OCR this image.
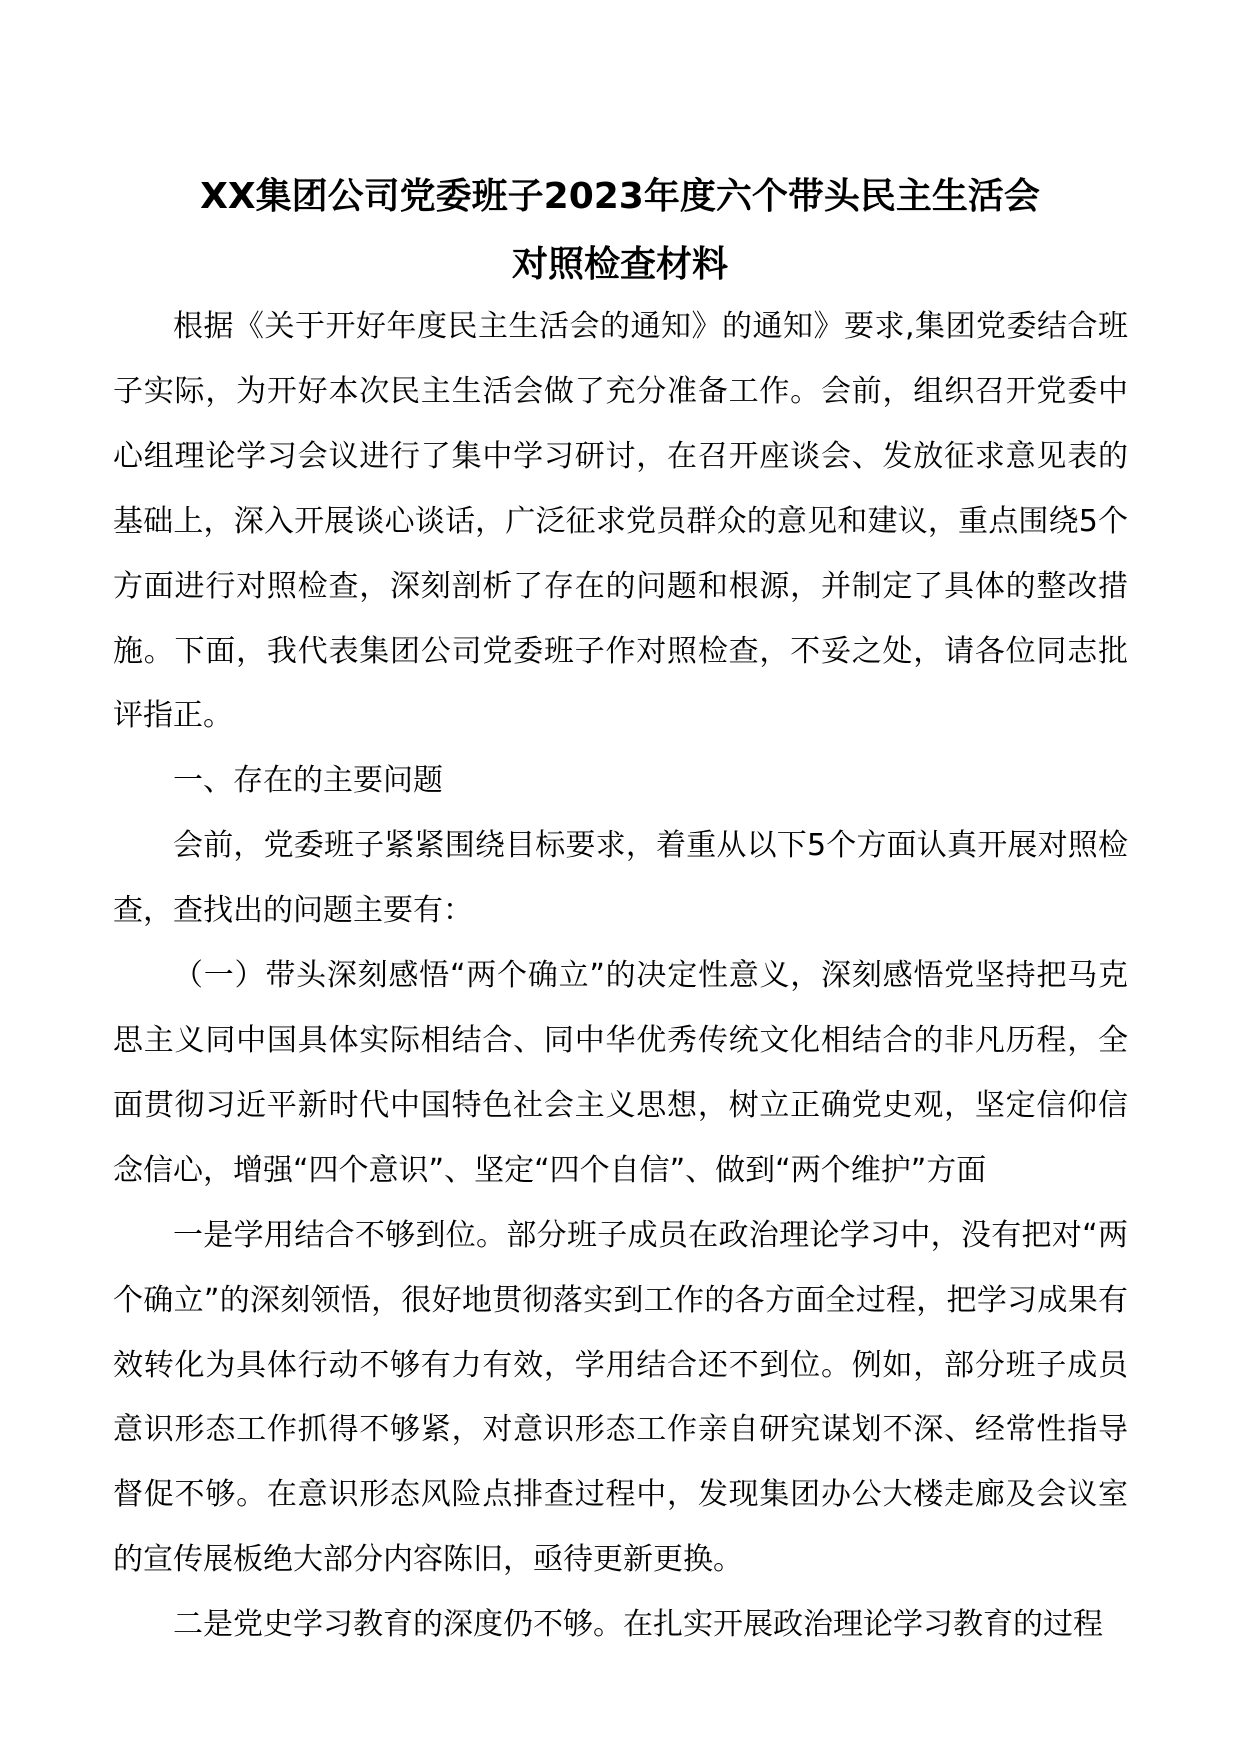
XX集团公司党委班子2023年度六个带头民主生活会
对照检查材料

根据《关于开好年度民主生活会的通知》的通知》要求,集团党委结合班子实际，为开好本次民主生活会做了充分准备工作。会前，组织召开党委中心组理论学习会议进行了集中学习研讨，在召开座谈会、发放征求意见表的基础上，深入开展谈心谈话，广泛征求党员群众的意见和建议，重点围绕5个方面进行对照检查，深刻剖析了存在的问题和根源，并制定了具体的整改措施。下面，我代表集团公司党委班子作对照检查，不妥之处，请各位同志批评指正。

一、存在的主要问题

会前，党委班子紧紧围绕目标要求，着重从以下5个方面认真开展对照检查，查找出的问题主要有：

（一）带头深刻感悟“两个确立”的决定性意义，深刻感悟党坚持把马克思主义同中国具体实际相结合、同中华优秀传统文化相结合的非凡历程，全面贯彻习近平新时代中国特色社会主义思想，树立正确党史观，坚定信仰信念信心，增强“四个意识”、坚定“四个自信”、做到“两个维护”方面

一是学用结合不够到位。部分班子成员在政治理论学习中，没有把对“两个确立”的深刻领悟，很好地贯彻落实到工作的各方面全过程，把学习成果有效转化为具体行动不够有力有效，学用结合还不到位。例如，部分班子成员意识形态工作抓得不够紧，对意识形态工作亲自研究谋划不深、经常性指导督促不够。在意识形态风险点排查过程中，发现集团办公大楼走廊及会议室的宣传展板绝大部分内容陈旧，亟待更新更换。

二是党史学习教育的深度仍不够。在扎实开展政治理论学习教育的过程
